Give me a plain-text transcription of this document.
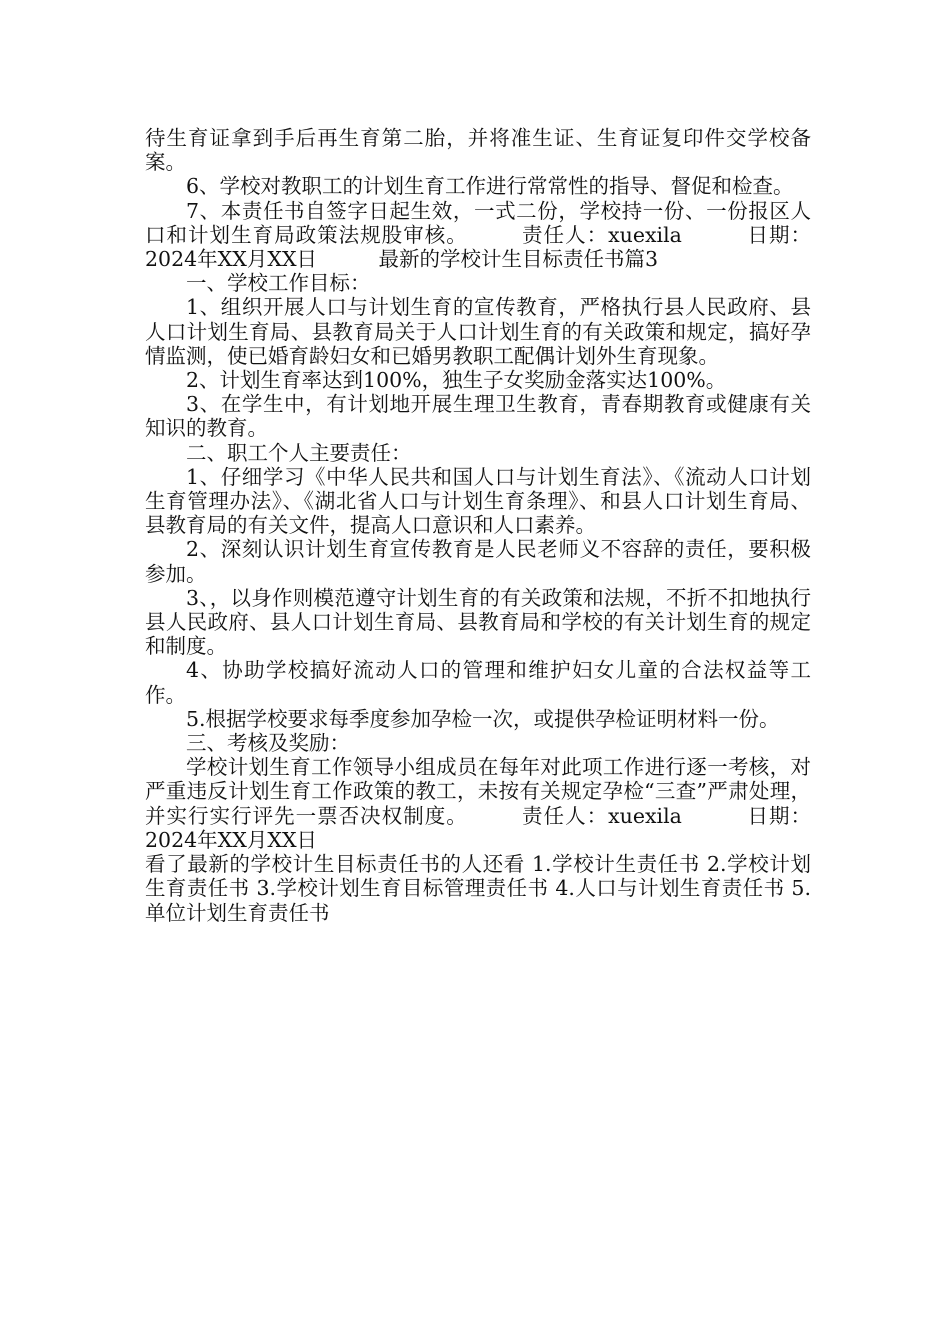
待生育证拿到手后再生育第二胎，并将准生证、生育证复印件交学校备案。

6、学校对教职工的计划生育工作进行常常性的指导、督促和检查。

7、本责任书自签字日起生效，一式二份，学校持一份、一份报区人口和计划生育局政策法规股审核。　　　责任人：xuexila　　　日期：2024年XX月XX日　　　最新的学校计生目标责任书篇3

一、学校工作目标：

1、组织开展人口与计划生育的宣传教育，严格执行县人民政府、县人口计划生育局、县教育局关于人口计划生育的有关政策和规定，搞好孕情监测，使已婚育龄妇女和已婚男教职工配偶计划外生育现象。

2、计划生育率达到100%，独生子女奖励金落实达100%。

3、在学生中，有计划地开展生理卫生教育，青春期教育或健康有关知识的教育。

二、职工个人主要责任：

1、仔细学习《中华人民共和国人口与计划生育法》、《流动人口计划生育管理办法》、《湖北省人口与计划生育条理》、和县人口计划生育局、县教育局的有关文件，提高人口意识和人口素养。

2、深刻认识计划生育宣传教育是人民老师义不容辞的责任，要积极参加。

3、，以身作则模范遵守计划生育的有关政策和法规，不折不扣地执行县人民政府、县人口计划生育局、县教育局和学校的有关计划生育的规定和制度。

4、协助学校搞好流动人口的管理和维护妇女儿童的合法权益等工作。

5.根据学校要求每季度参加孕检一次，或提供孕检证明材料一份。

三、考核及奖励：

学校计划生育工作领导小组成员在每年对此项工作进行逐一考核，对严重违反计划生育工作政策的教工，未按有关规定孕检“三查”严肃处理，并实行实行评先一票否决权制度。　　　责任人：xuexila　　　日期：2024年XX月XX日

看了最新的学校计生目标责任书的人还看 1.学校计生责任书 2.学校计划生育责任书 3.学校计划生育目标管理责任书 4.人口与计划生育责任书 5.单位计划生育责任书
